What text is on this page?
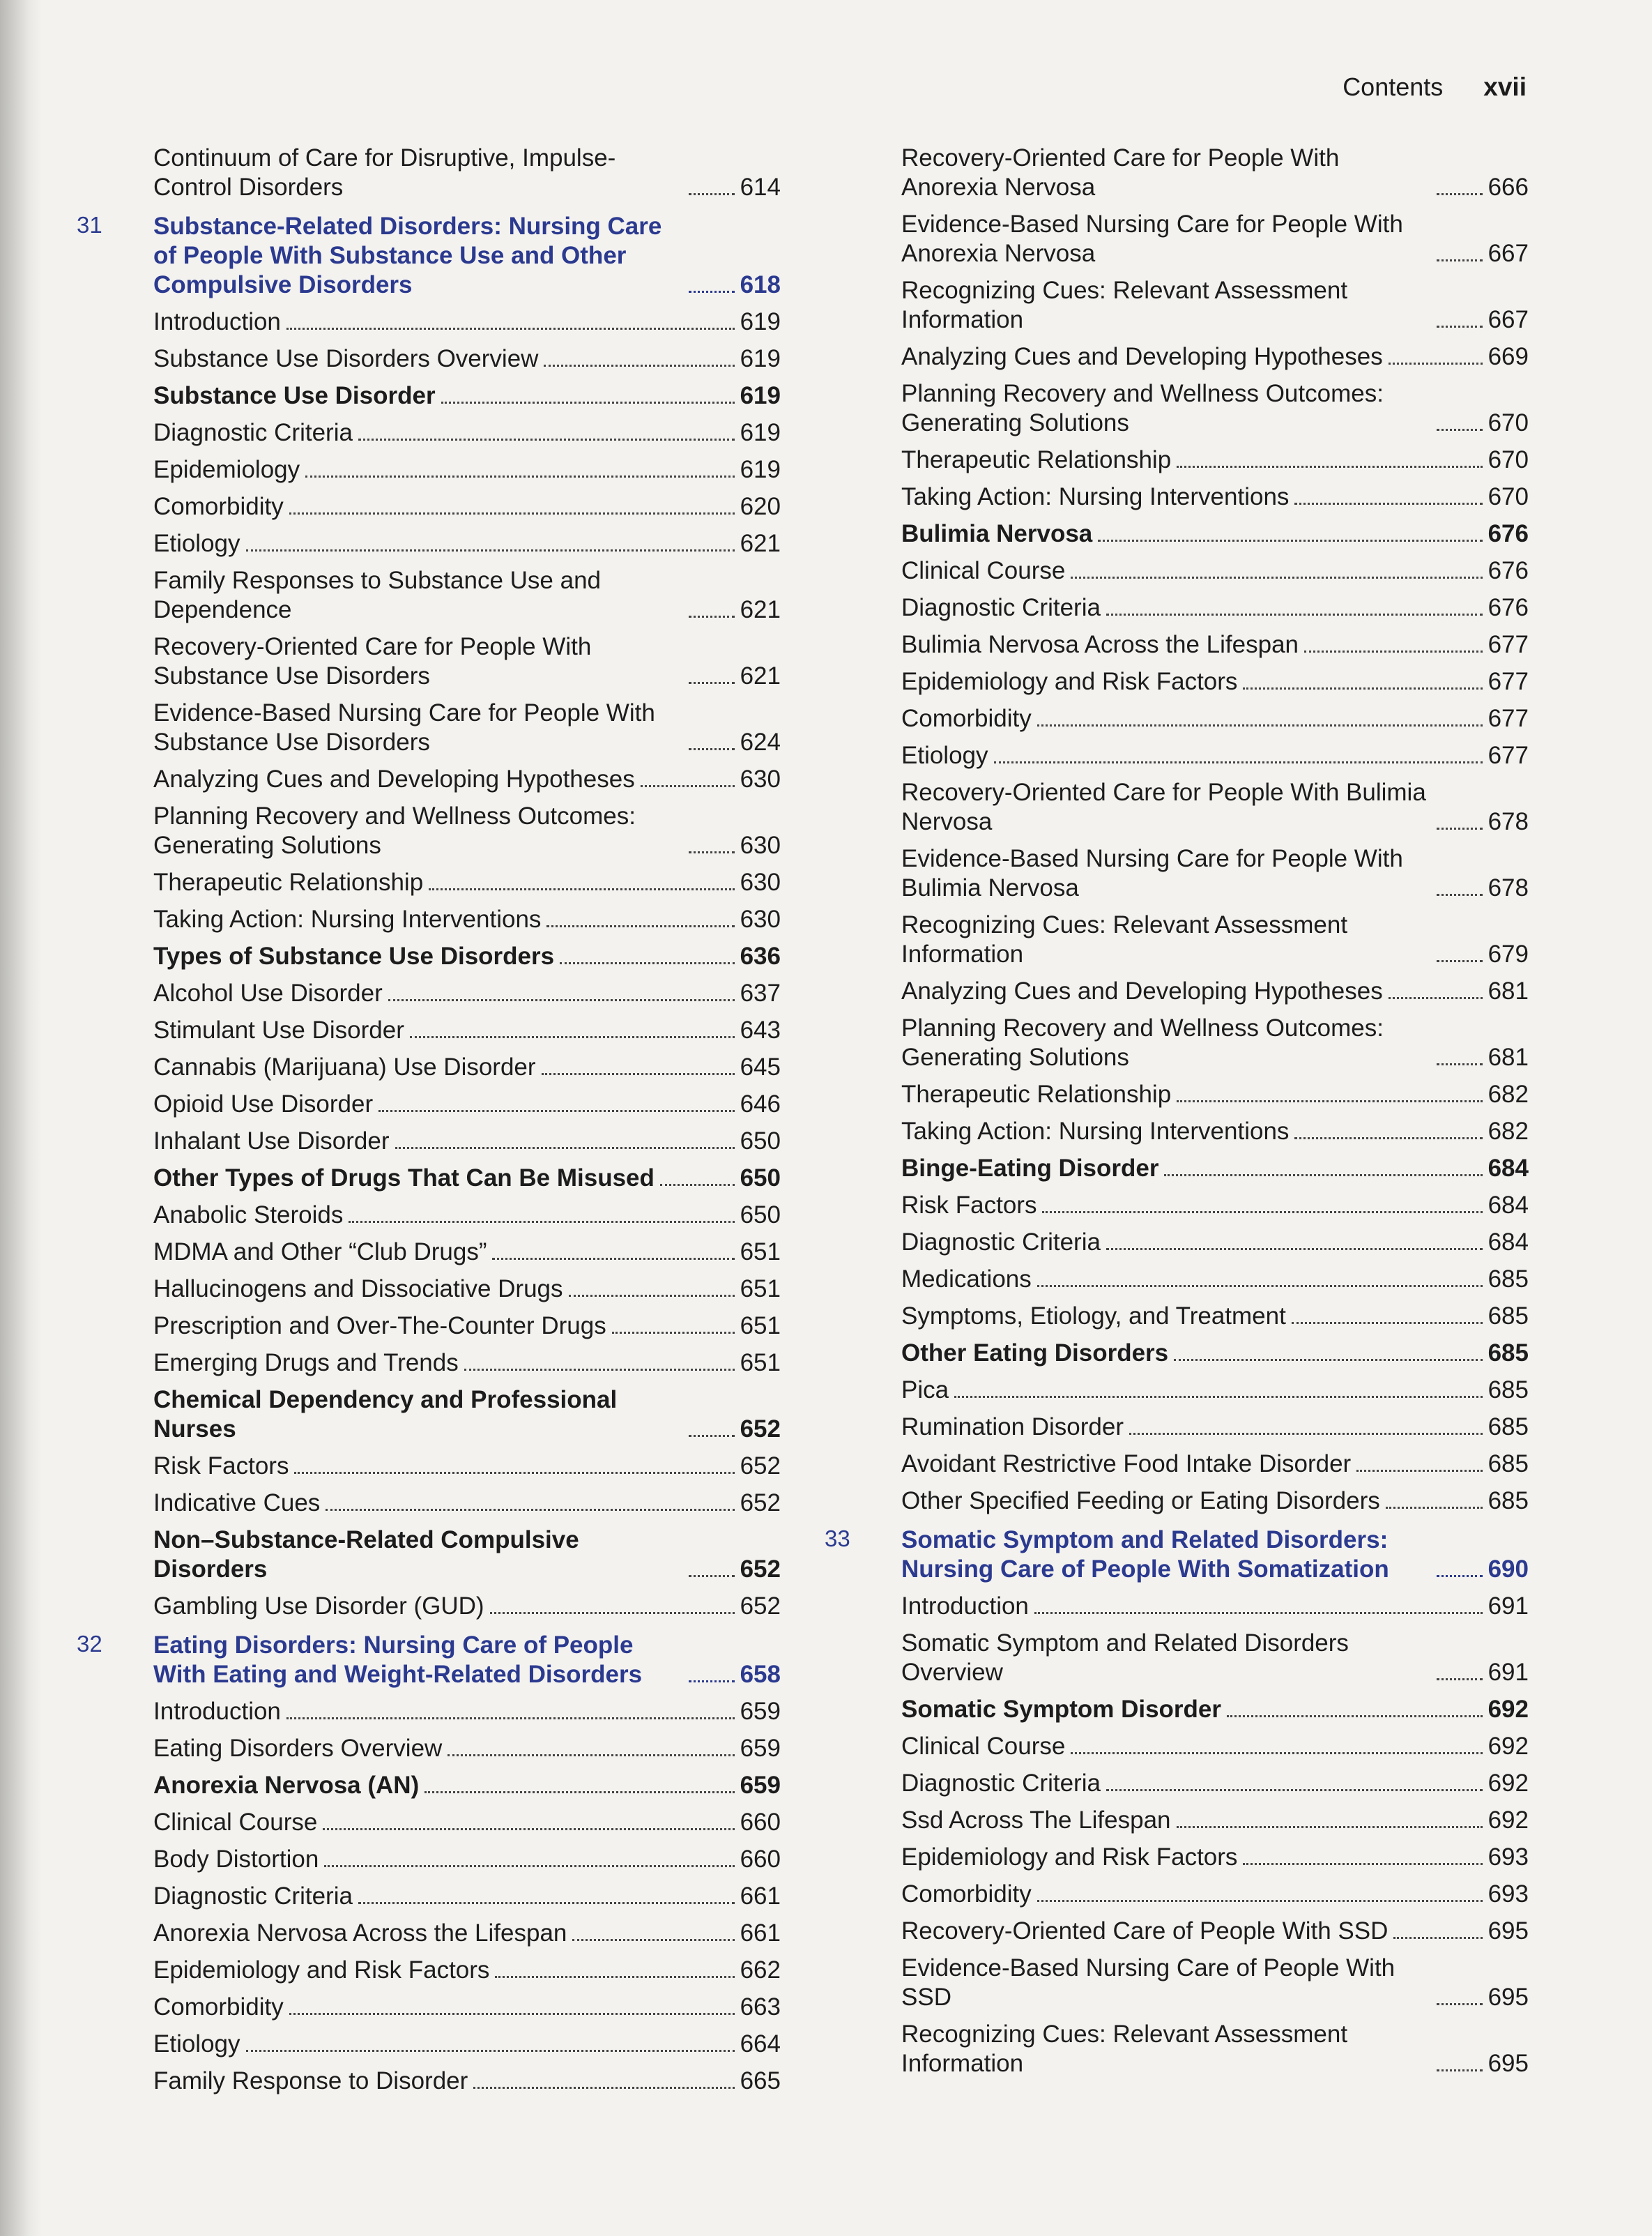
Contents xvii
Continuum of Care for Disruptive, Impulse-Control Disorders	614
31 Substance-Related Disorders: Nursing Care of People With Substance Use and Other Compulsive Disorders	618
Introduction	619
Substance Use Disorders Overview	619
Substance Use Disorder	619
Diagnostic Criteria	619
Epidemiology	619
Comorbidity	620
Etiology	621
Family Responses to Substance Use and Dependence	621
Recovery-Oriented Care for People With Substance Use Disorders	621
Evidence-Based Nursing Care for People With Substance Use Disorders	624
Analyzing Cues and Developing Hypotheses	630
Planning Recovery and Wellness Outcomes: Generating Solutions	630
Therapeutic Relationship	630
Taking Action: Nursing Interventions	630
Types of Substance Use Disorders	636
Alcohol Use Disorder	637
Stimulant Use Disorder	643
Cannabis (Marijuana) Use Disorder	645
Opioid Use Disorder	646
Inhalant Use Disorder	650
Other Types of Drugs That Can Be Misused	650
Anabolic Steroids	650
MDMA and Other “Club Drugs”	651
Hallucinogens and Dissociative Drugs	651
Prescription and Over-The-Counter Drugs	651
Emerging Drugs and Trends	651
Chemical Dependency and Professional Nurses	652
Risk Factors	652
Indicative Cues	652
Non–Substance-Related Compulsive Disorders	652
Gambling Use Disorder (GUD)	652
32 Eating Disorders: Nursing Care of People With Eating and Weight-Related Disorders	658
Introduction	659
Eating Disorders Overview	659
Anorexia Nervosa (AN)	659
Clinical Course	660
Body Distortion	660
Diagnostic Criteria	661
Anorexia Nervosa Across the Lifespan	661
Epidemiology and Risk Factors	662
Comorbidity	663
Etiology	664
Family Response to Disorder	665
Recovery-Oriented Care for People With Anorexia Nervosa	666
Evidence-Based Nursing Care for People With Anorexia Nervosa	667
Recognizing Cues: Relevant Assessment Information	667
Analyzing Cues and Developing Hypotheses	669
Planning Recovery and Wellness Outcomes: Generating Solutions	670
Therapeutic Relationship	670
Taking Action: Nursing Interventions	670
Bulimia Nervosa	676
Clinical Course	676
Diagnostic Criteria	676
Bulimia Nervosa Across the Lifespan	677
Epidemiology and Risk Factors	677
Comorbidity	677
Etiology	677
Recovery-Oriented Care for People With Bulimia Nervosa	678
Evidence-Based Nursing Care for People With Bulimia Nervosa	678
Recognizing Cues: Relevant Assessment Information	679
Analyzing Cues and Developing Hypotheses	681
Planning Recovery and Wellness Outcomes: Generating Solutions	681
Therapeutic Relationship	682
Taking Action: Nursing Interventions	682
Binge-Eating Disorder	684
Risk Factors	684
Diagnostic Criteria	684
Medications	685
Symptoms, Etiology, and Treatment	685
Other Eating Disorders	685
Pica	685
Rumination Disorder	685
Avoidant Restrictive Food Intake Disorder	685
Other Specified Feeding or Eating Disorders	685
33 Somatic Symptom and Related Disorders: Nursing Care of People With Somatization	690
Introduction	691
Somatic Symptom and Related Disorders Overview	691
Somatic Symptom Disorder	692
Clinical Course	692
Diagnostic Criteria	692
Ssd Across The Lifespan	692
Epidemiology and Risk Factors	693
Comorbidity	693
Recovery-Oriented Care of People With SSD	695
Evidence-Based Nursing Care of People With SSD	695
Recognizing Cues: Relevant Assessment Information	695
